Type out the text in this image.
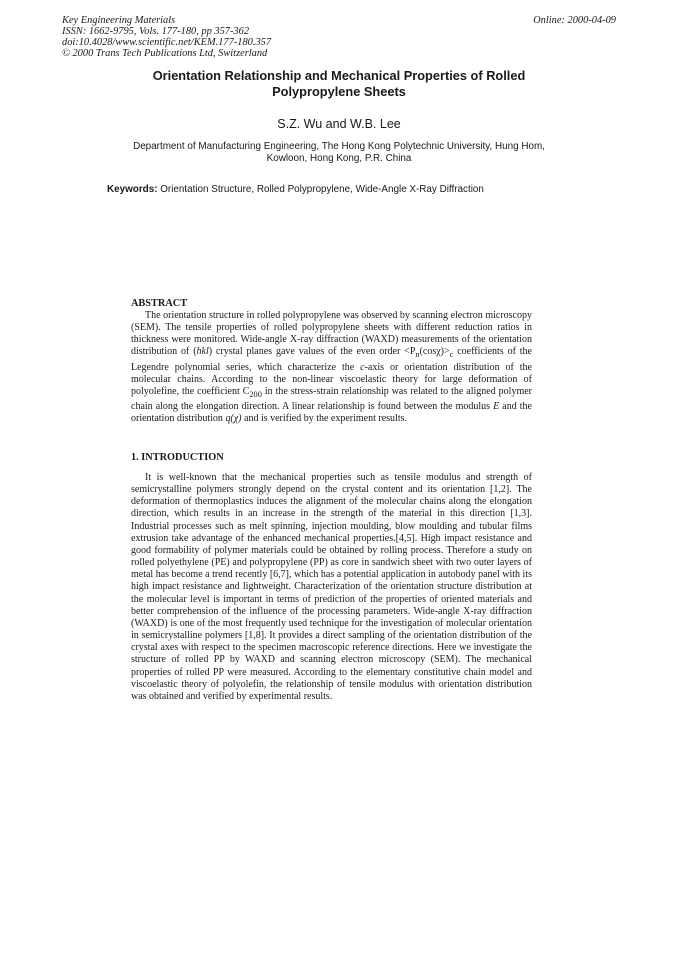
Key Engineering Materials
ISSN: 1662-9795, Vols. 177-180, pp 357-362
doi:10.4028/www.scientific.net/KEM.177-180.357
© 2000 Trans Tech Publications Ltd, Switzerland
Online: 2000-04-09
Orientation Relationship and Mechanical Properties of Rolled
Polypropylene Sheets
S.Z. Wu and W.B. Lee
Department of Manufacturing Engineering, The Hong Kong Polytechnic University, Hung Hom,
Kowloon, Hong Kong, P.R. China
Keywords: Orientation Structure, Rolled Polypropylene, Wide-Angle X-Ray Diffraction
ABSTRACT

The orientation structure in rolled polypropylene was observed by scanning electron microscopy (SEM). The tensile properties of rolled polypropylene sheets with different reduction ratios in thickness were monitored. Wide-angle X-ray diffraction (WAXD) measurements of the orientation distribution of (hkl) crystal planes gave values of the even order $<P_n(\cos\chi)>_c$ coefficients of the Legendre polynomial series, which characterize the c-axis or orientation distribution of the molecular chains. According to the non-linear viscoelastic theory for large deformation of polyolefine, the coefficient $C_{200}$ in the stress-strain relationship was related to the aligned polymer chain along the elongation direction. A linear relationship is found between the modulus E and the orientation distribution q(χ) and is verified by the experiment results.

1. INTRODUCTION

It is well-known that the mechanical properties such as tensile modulus and strength of semicrystalline polymers strongly depend on the crystal content and its orientation [1,2]. The deformation of thermoplastics induces the alignment of the molecular chains along the elongation direction, which results in an increase in the strength of the material in this direction [1,3]. Industrial processes such as melt spinning, injection moulding, blow moulding and tubular films extrusion take advantage of the enhanced mechanical properties.[4,5]. High impact resistance and good formability of polymer materials could be obtained by rolling process. Therefore a study on rolled polyethylene (PE) and polypropylene (PP) as core in sandwich sheet with two outer layers of metal has become a trend recently [6,7], which has a potential application in autobody panel with its high impact resistance and lightweight. Characterization of the orientation structure distribution at the molecular level is important in terms of prediction of the properties of oriented materials and better comprehension of the influence of the processing parameters. Wide-angle X-ray diffraction (WAXD) is one of the most frequently used technique for the investigation of molecular orientation in semicrystalline polymers [1,8]. It provides a direct sampling of the orientation distribution of the crystal axes with respect to the specimen macroscopic reference directions. Here we investigate the structure of rolled PP by WAXD and scanning electron microscopy (SEM). The mechanical properties of rolled PP were measured. According to the elementary constitutive chain model and viscoelastic theory of polyolefin, the relationship of tensile modulus with orientation distribution was obtained and verified by experimental results.
